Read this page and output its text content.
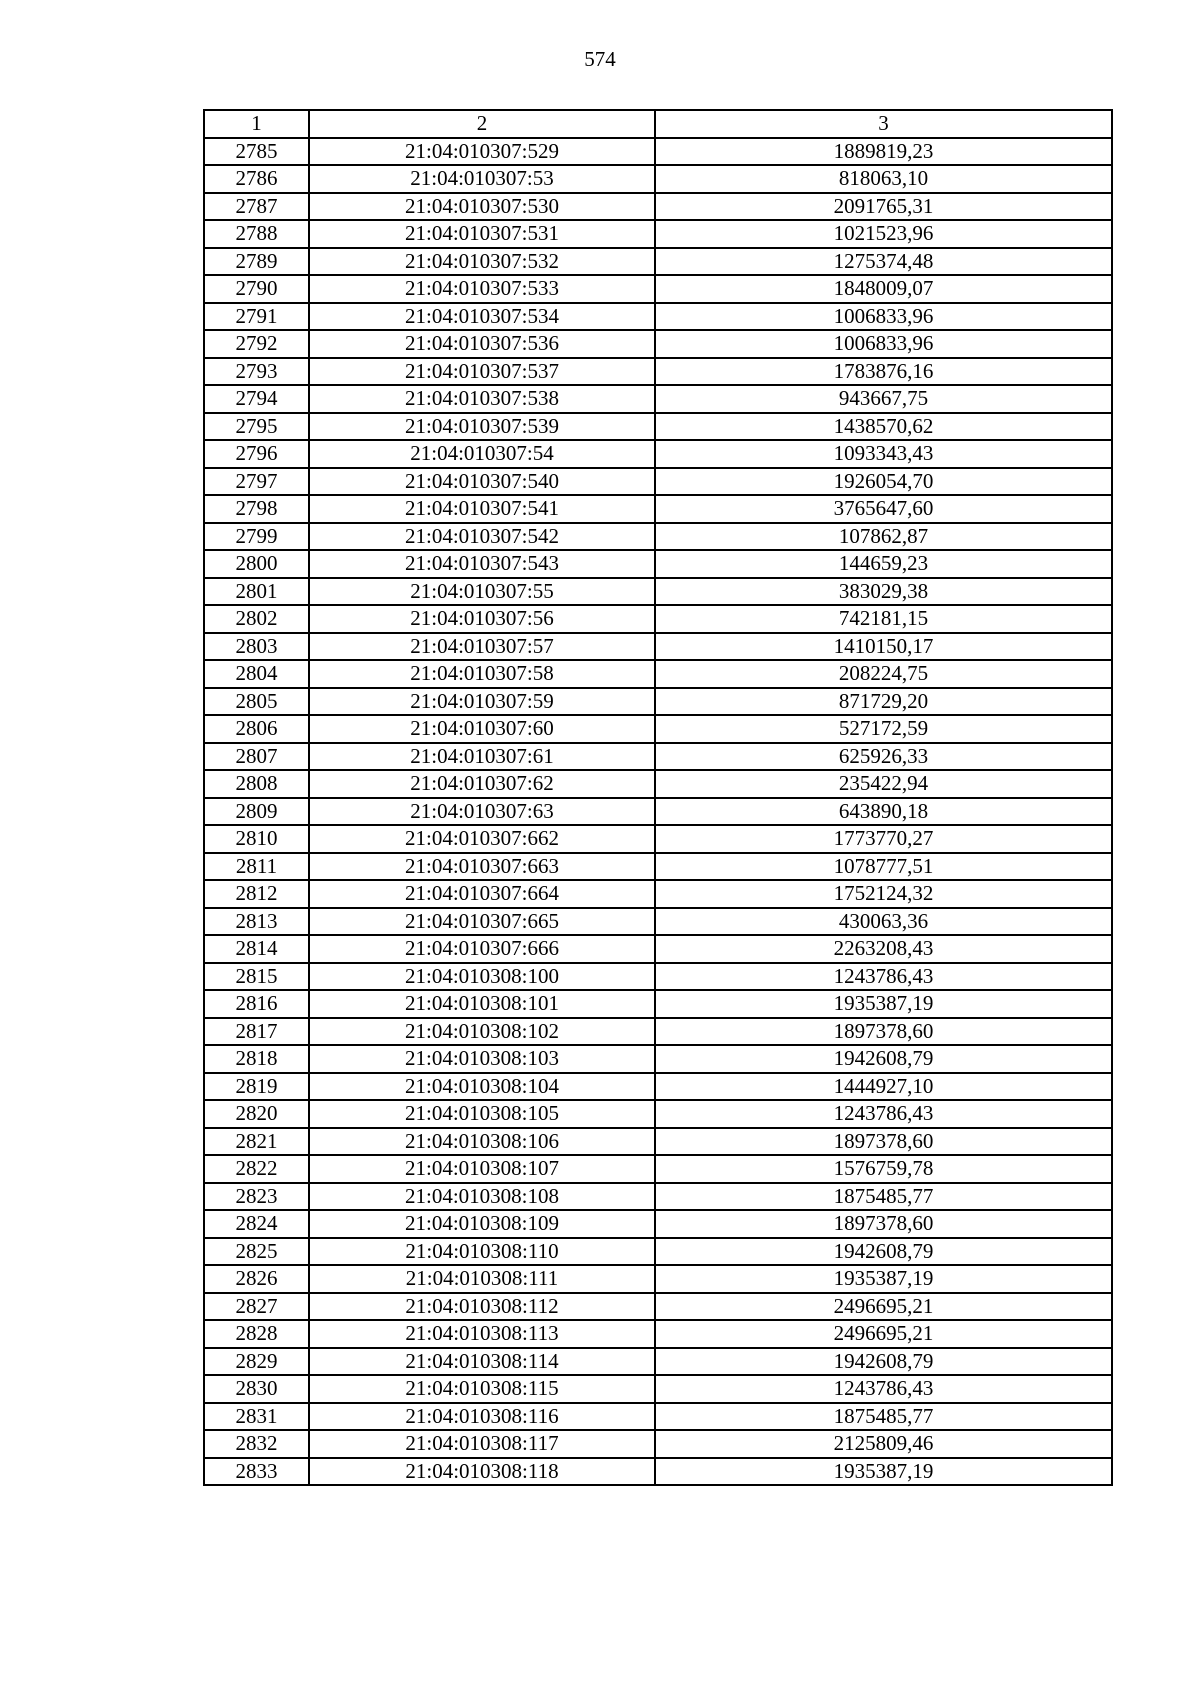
574
1	2	3
2785	21:04:010307:529	1889819,23
2786	21:04:010307:53	818063,10
2787	21:04:010307:530	2091765,31
2788	21:04:010307:531	1021523,96
2789	21:04:010307:532	1275374,48
2790	21:04:010307:533	1848009,07
2791	21:04:010307:534	1006833,96
2792	21:04:010307:536	1006833,96
2793	21:04:010307:537	1783876,16
2794	21:04:010307:538	943667,75
2795	21:04:010307:539	1438570,62
2796	21:04:010307:54	1093343,43
2797	21:04:010307:540	1926054,70
2798	21:04:010307:541	3765647,60
2799	21:04:010307:542	107862,87
2800	21:04:010307:543	144659,23
2801	21:04:010307:55	383029,38
2802	21:04:010307:56	742181,15
2803	21:04:010307:57	1410150,17
2804	21:04:010307:58	208224,75
2805	21:04:010307:59	871729,20
2806	21:04:010307:60	527172,59
2807	21:04:010307:61	625926,33
2808	21:04:010307:62	235422,94
2809	21:04:010307:63	643890,18
2810	21:04:010307:662	1773770,27
2811	21:04:010307:663	1078777,51
2812	21:04:010307:664	1752124,32
2813	21:04:010307:665	430063,36
2814	21:04:010307:666	2263208,43
2815	21:04:010308:100	1243786,43
2816	21:04:010308:101	1935387,19
2817	21:04:010308:102	1897378,60
2818	21:04:010308:103	1942608,79
2819	21:04:010308:104	1444927,10
2820	21:04:010308:105	1243786,43
2821	21:04:010308:106	1897378,60
2822	21:04:010308:107	1576759,78
2823	21:04:010308:108	1875485,77
2824	21:04:010308:109	1897378,60
2825	21:04:010308:110	1942608,79
2826	21:04:010308:111	1935387,19
2827	21:04:010308:112	2496695,21
2828	21:04:010308:113	2496695,21
2829	21:04:010308:114	1942608,79
2830	21:04:010308:115	1243786,43
2831	21:04:010308:116	1875485,77
2832	21:04:010308:117	2125809,46
2833	21:04:010308:118	1935387,19
